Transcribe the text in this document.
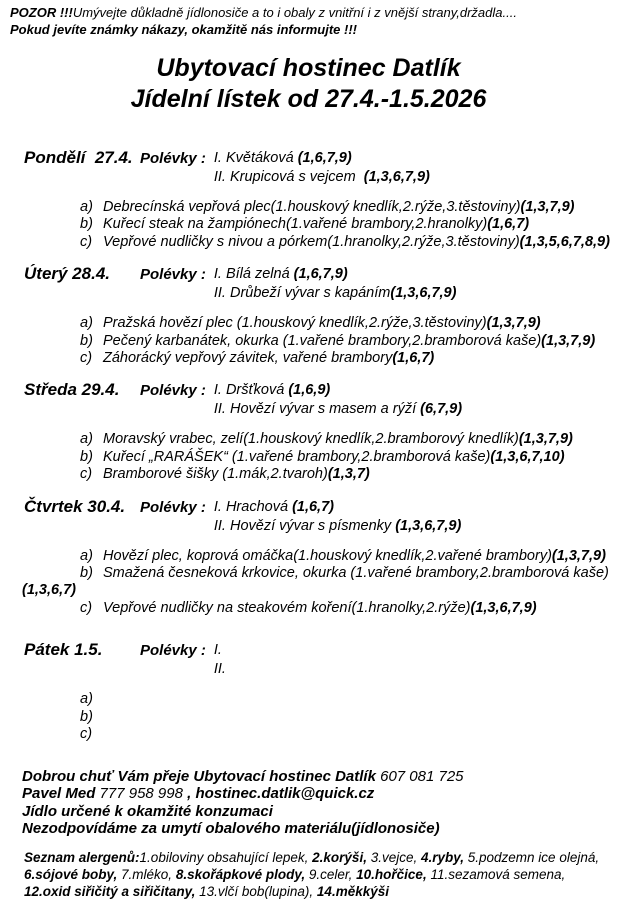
POZOR !!!Umývejte důkladně jídlonosiče a to i obaly z vnitřní i z vnější strany,držadla....
Pokud jevíte známky nákazy, okamžitě nás informujte !!!
Ubytovací hostinec Datlík
Jídelní lístek od 27.4.-1.5.2026
Pondělí  27.4. Polévky : I. Květáková (1,6,7,9)
II. Krupicová s vejcem (1,3,6,7,9)
a) Debrecínská vepřová plec(1.houskový knedlík,2.rýže,3.těstoviny) (1,3,7,9)
b) Kuřecí steak na žampiónech(1.vařené brambory,2.hranolky) (1,6,7)
c) Vepřové nudličky s nivou a pórkem(1.hranolky,2.rýže,3.těstoviny) (1,3,5,6,7,8,9)
Úterý 28.4.	Polévky : I. Bílá zelná (1,6,7,9)
II. Drůbeží vývar s kapáním(1,3,6,7,9)
a) Pražská hovězí plec (1.houskový knedlík,2.rýže,3.těstoviny) (1,3,7,9)
b) Pečený karbanátek, okurka (1.vařené brambory,2.bramborová kaše) (1,3,7,9)
c) Záhorácký vepřový závitek, vařené brambory (1,6,7)
Středa 29.4.	Polévky : I. Dršťková (1,6,9)
II. Hovězí vývar s masem a rýží (6,7,9)
a) Moravský vrabec, zelí(1.houskový knedlík,2.bramborový knedlík) (1,3,7,9)
b) Kuřecí „RARÁŠEK“ (1.vařené brambory,2.bramborová kaše) (1,3,6,7,10)
c) Bramborové šišky (1.mák,2.tvaroh) (1,3,7)
Čtvrtek 30.4. Polévky : I. Hrachová (1,6,7)
II. Hovězí vývar s písmenky (1,3,6,7,9)
a) Hovězí plec, koprová omáčka(1.houskový knedlík,2.vařené brambory) (1,3,7,9)
b) Smažená česneková krkovice, okurka (1.vařené brambory,2.bramborová kaše)
(1,3,6,7)
c) Vepřové nudličky na steakovém koření(1.hranolky,2.rýže) (1,3,6,7,9)
Pátek 1.5.	Polévky : I.
II.
a)
b)
c)
Dobrou chuť Vám přeje Ubytovací hostinec Datlík 607 081 725
Pavel Med 777 958 998 , hostinec.datlik@quick.cz
Jídlo určené k okamžité konzumaci
Nezodpovídáme za umytí obalového materiálu(jídlonosiče)
Seznam alergenů:1.obiloviny obsahující lepek, 2.korýši, 3.vejce, 4.ryby, 5.podzemn ice olejná, 6.sójové boby, 7.mléko, 8.skořápkové plody, 9.celer, 10.hořčice, 11.sezamová semena, 12.oxid siřičitý a siřičitany, 13.vlčí bob(lupina), 14.měkkýši
